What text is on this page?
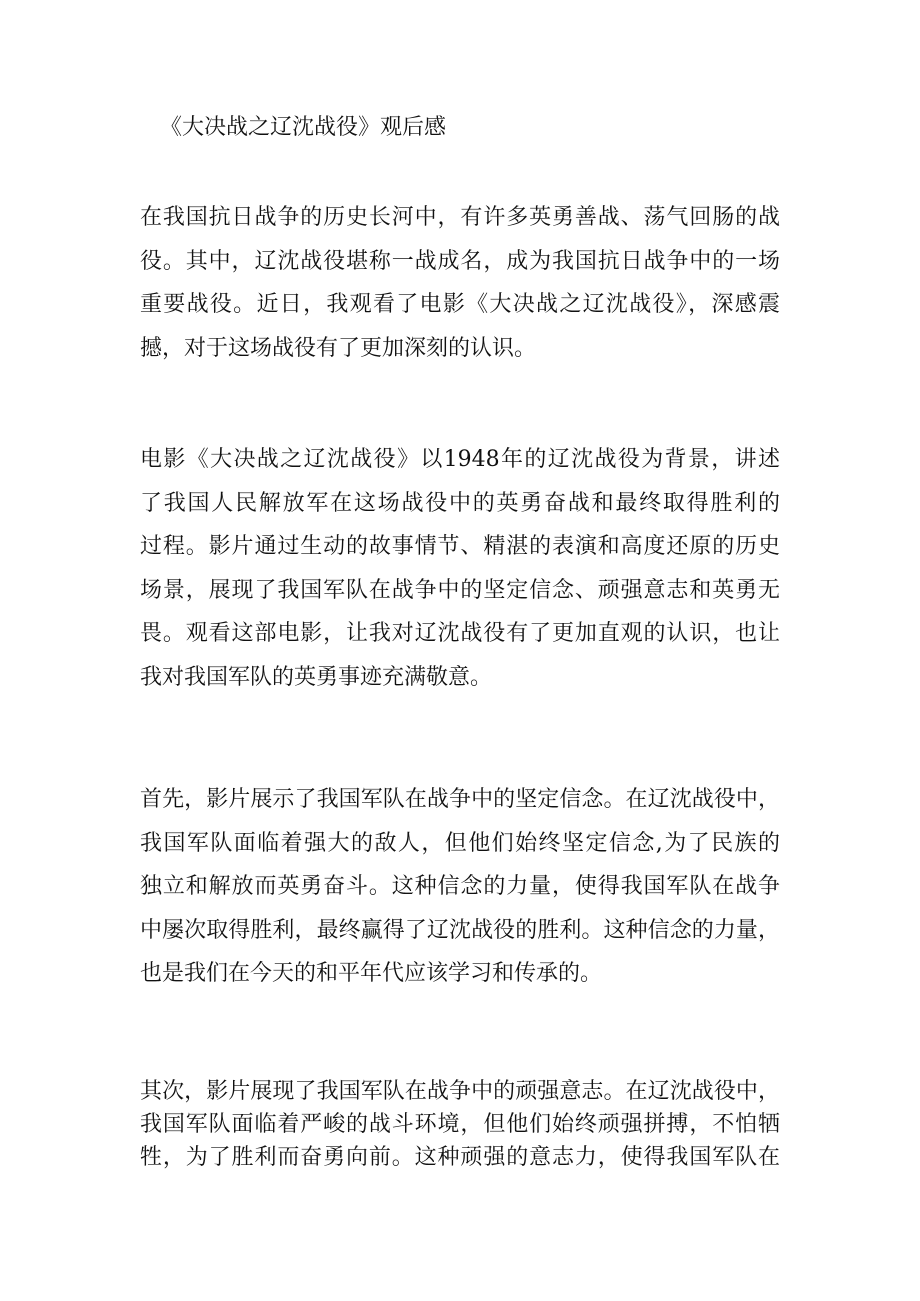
《大决战之辽沈战役》观后感
在我国抗日战争的历史长河中，有许多英勇善战、荡气回肠的战
役。其中，辽沈战役堪称一战成名，成为我国抗日战争中的一场
重要战役。近日，我观看了电影《大决战之辽沈战役》，深感震
撼，对于这场战役有了更加深刻的认识。
电影《大决战之辽沈战役》以1948年的辽沈战役为背景，讲述
了我国人民解放军在这场战役中的英勇奋战和最终取得胜利的
过程。影片通过生动的故事情节、精湛的表演和高度还原的历史
场景，展现了我国军队在战争中的坚定信念、顽强意志和英勇无
畏。观看这部电影，让我对辽沈战役有了更加直观的认识，也让
我对我国军队的英勇事迹充满敬意。
首先，影片展示了我国军队在战争中的坚定信念。在辽沈战役中，
我国军队面临着强大的敌人，但他们始终坚定信念,为了民族的
独立和解放而英勇奋斗。这种信念的力量，使得我国军队在战争
中屡次取得胜利，最终赢得了辽沈战役的胜利。这种信念的力量，
也是我们在今天的和平年代应该学习和传承的。
其次，影片展现了我国军队在战争中的顽强意志。在辽沈战役中，
我国军队面临着严峻的战斗环境，但他们始终顽强拼搏，不怕牺
牲，为了胜利而奋勇向前。这种顽强的意志力，使得我国军队在
